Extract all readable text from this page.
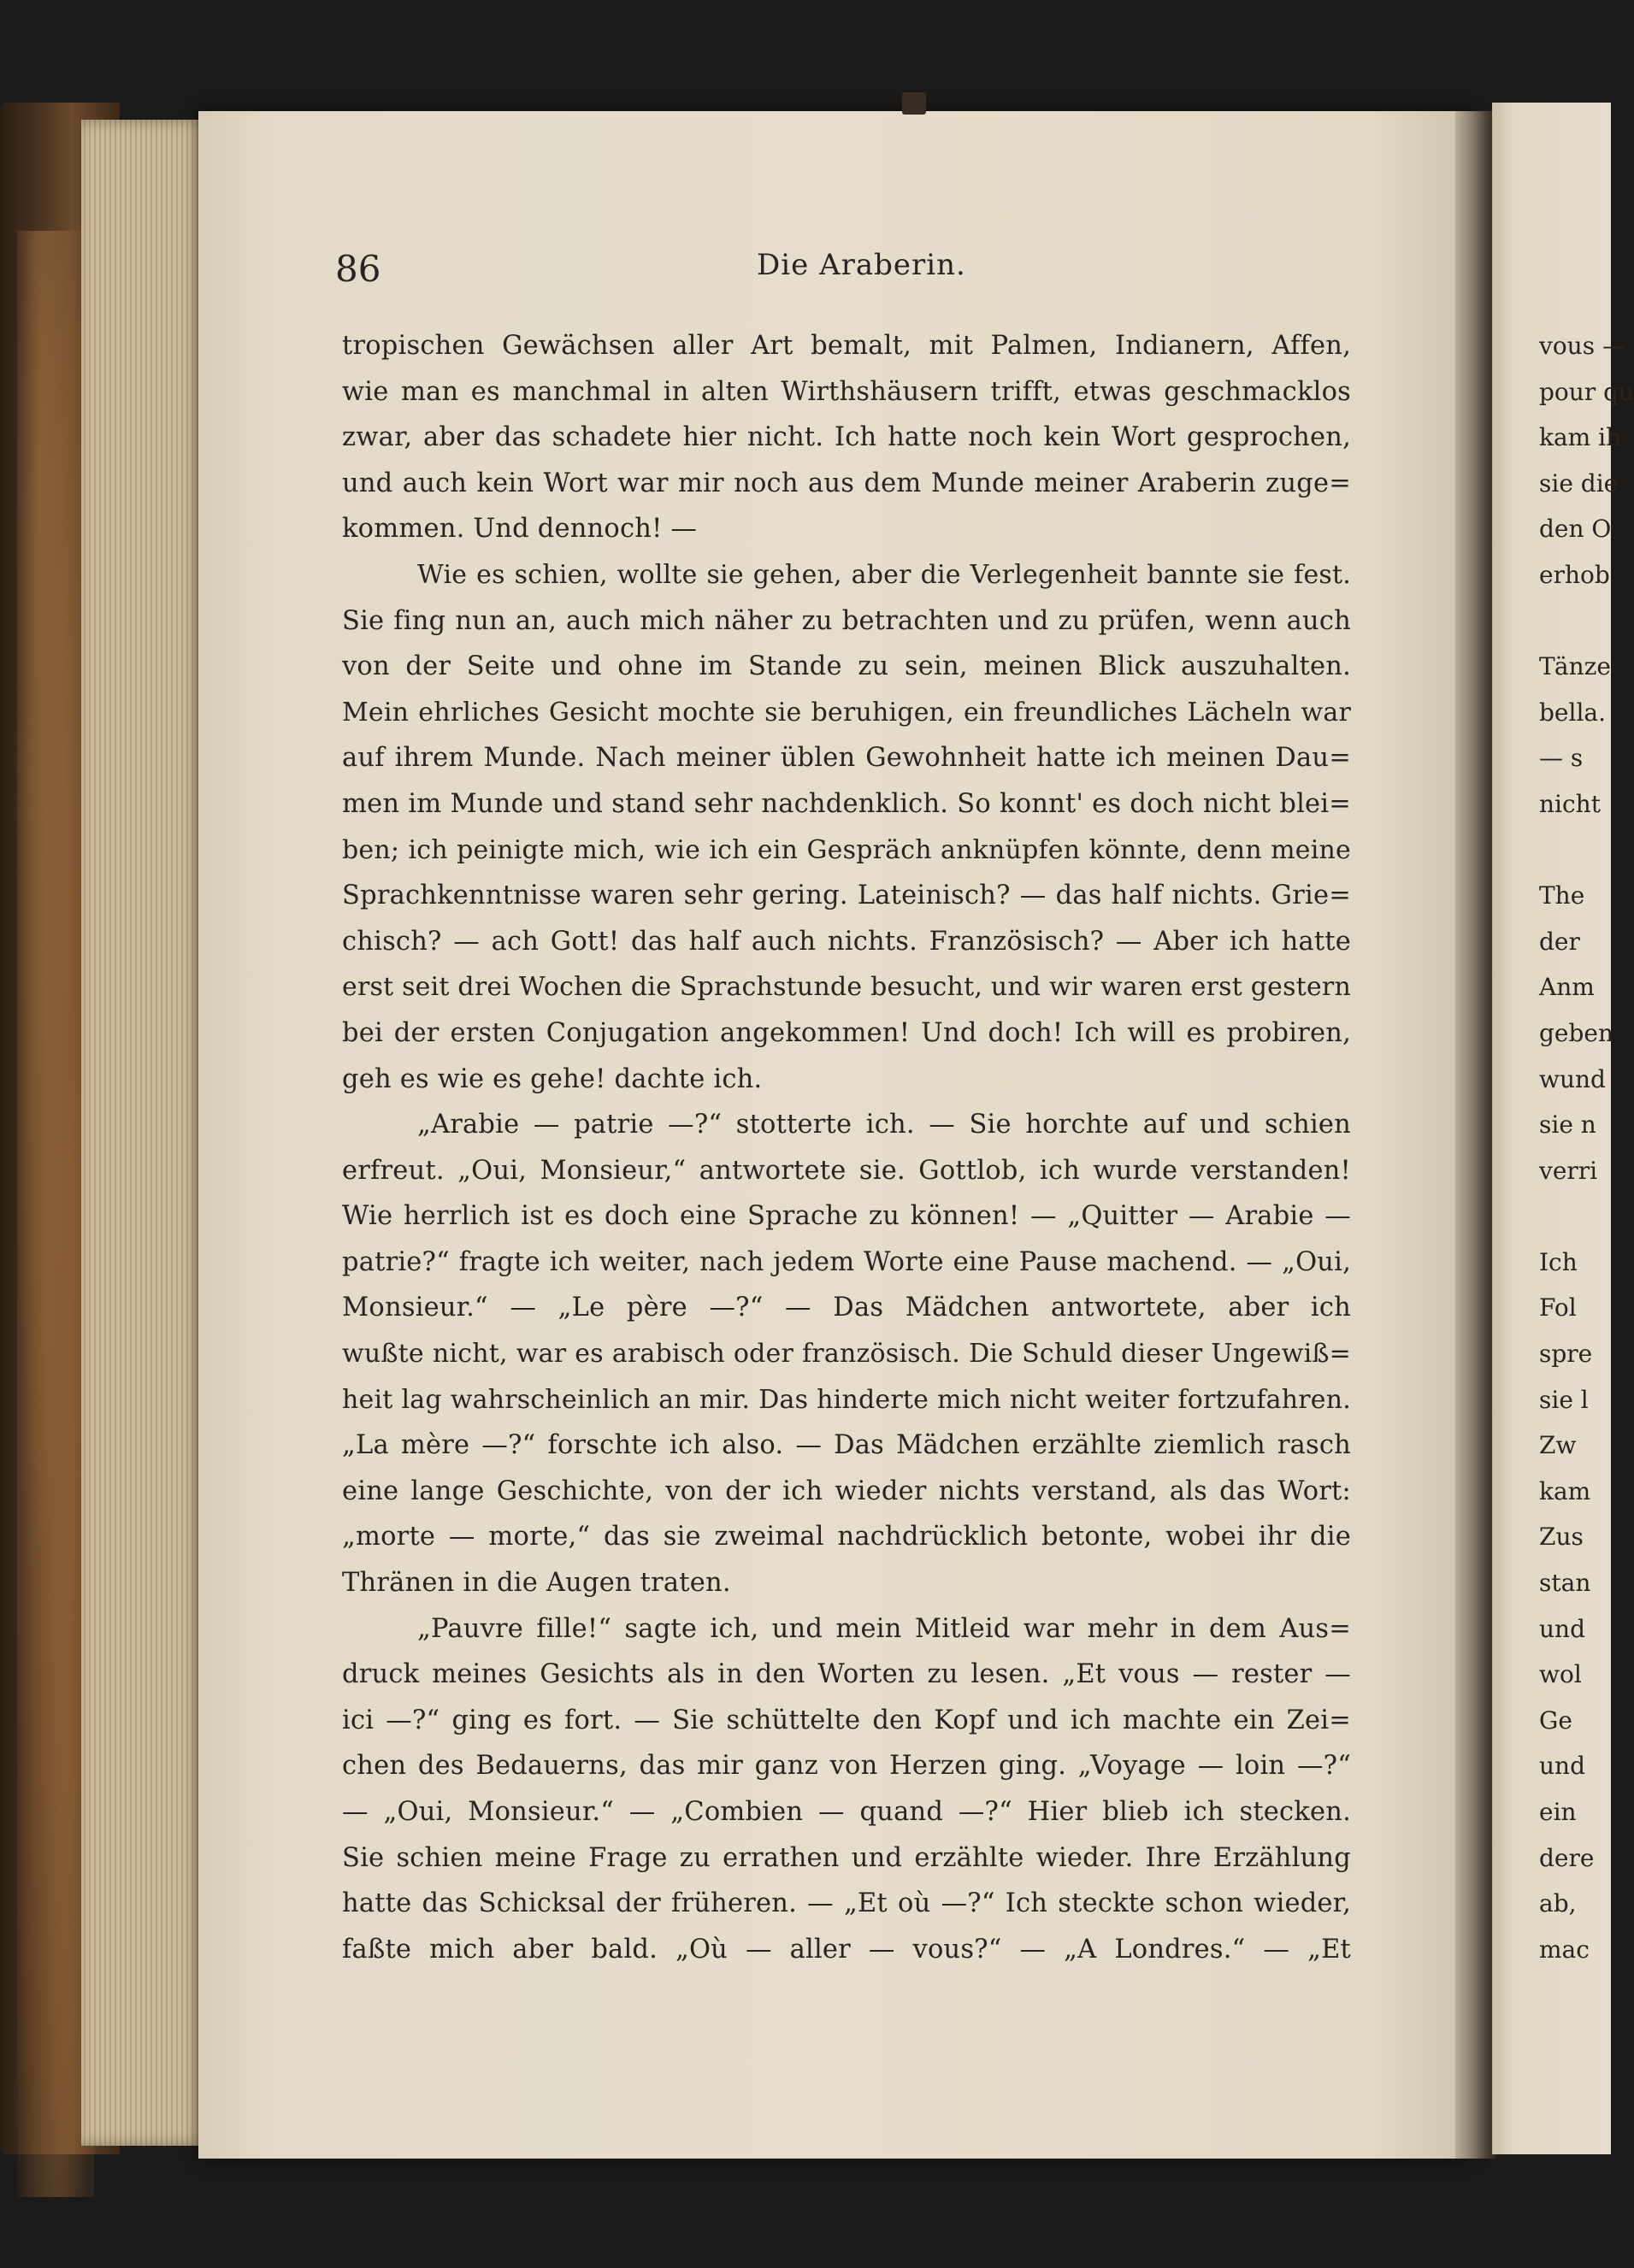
86	Die Araberin.
tropischen Gewächsen aller Art bemalt, mit Palmen, Indianern, Affen,
wie man es manchmal in alten Wirthshäusern trifft, etwas geschmacklos
zwar, aber das schadete hier nicht. Ich hatte noch kein Wort gesprochen,
und auch kein Wort war mir noch aus dem Munde meiner Araberin zuge=
kommen. Und dennoch! —
Wie es schien, wollte sie gehen, aber die Verlegenheit bannte sie fest.
Sie fing nun an, auch mich näher zu betrachten und zu prüfen, wenn auch
von der Seite und ohne im Stande zu sein, meinen Blick auszuhalten.
Mein ehrliches Gesicht mochte sie beruhigen, ein freundliches Lächeln war
auf ihrem Munde. Nach meiner üblen Gewohnheit hatte ich meinen Dau=
men im Munde und stand sehr nachdenklich. So konnt' es doch nicht blei=
ben; ich peinigte mich, wie ich ein Gespräch anknüpfen könnte, denn meine
Sprachkenntnisse waren sehr gering. Lateinisch? — das half nichts. Grie=
chisch? — ach Gott! das half auch nichts. Französisch? — Aber ich hatte
erst seit drei Wochen die Sprachstunde besucht, und wir waren erst gestern
bei der ersten Conjugation angekommen! Und doch! Ich will es probiren,
geh es wie es gehe! dachte ich.
„Arabie — patrie —?“ stotterte ich. — Sie horchte auf und schien
erfreut. „Oui, Monsieur,“ antwortete sie. Gottlob, ich wurde verstanden!
Wie herrlich ist es doch eine Sprache zu können! — „Quitter — Arabie —
patrie?“ fragte ich weiter, nach jedem Worte eine Pause machend. — „Oui,
Monsieur.“ — „Le père —?“ — Das Mädchen antwortete, aber ich
wußte nicht, war es arabisch oder französisch. Die Schuld dieser Ungewiß=
heit lag wahrscheinlich an mir. Das hinderte mich nicht weiter fortzufahren.
„La mère —?“ forschte ich also. — Das Mädchen erzählte ziemlich rasch
eine lange Geschichte, von der ich wieder nichts verstand, als das Wort:
„morte — morte,“ das sie zweimal nachdrücklich betonte, wobei ihr die
Thränen in die Augen traten.
„Pauvre fille!“ sagte ich, und mein Mitleid war mehr in dem Aus=
druck meines Gesichts als in den Worten zu lesen. „Et vous — rester —
ici —?“ ging es fort. — Sie schüttelte den Kopf und ich machte ein Zei=
chen des Bedauerns, das mir ganz von Herzen ging. „Voyage — loin —?“
— „Oui, Monsieur.“ — „Combien — quand —?“ Hier blieb ich stecken.
Sie schien meine Frage zu errathen und erzählte wieder. Ihre Erzählung
hatte das Schicksal der früheren. — „Et où —?“ Ich steckte schon wieder,
faßte mich aber bald. „Où — aller — vous?“ — „A Londres.“ — „Et
vous —
pour qu
kam ih
sie die
den O
erhob
Tänze
bella.
— s
nicht
The
der
Anm
geben
wund
sie n
verri
Ich
Fol
spre
sie l
Zw
kam
Zus
stan
und
wol
Ge
und
ein
dere
ab,
mac
